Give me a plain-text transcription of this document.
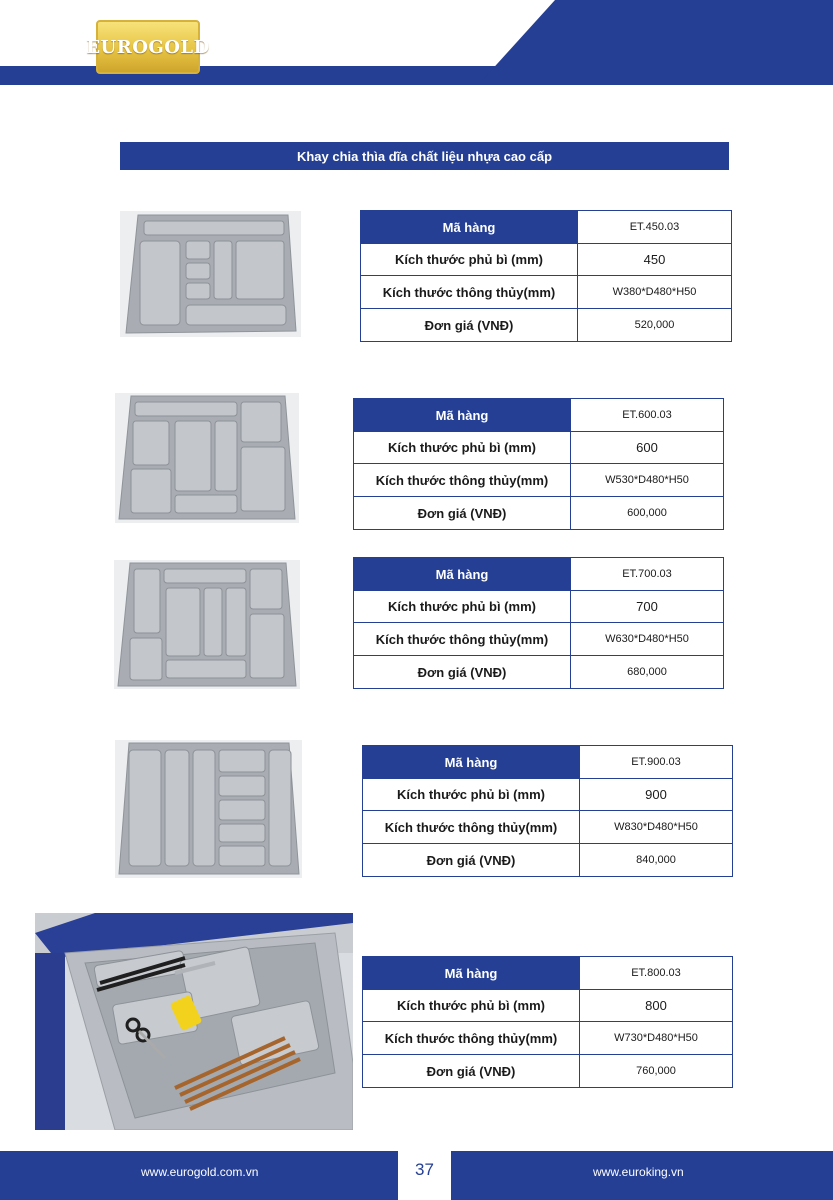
EUROGOLD
Khay chia thìa dĩa chất liệu nhựa cao cấp
Mã hàng	ET.450.03
Kích thước phủ bì (mm)	450
Kích thước thông thủy(mm)	W380*D480*H50
Đơn giá (VNĐ)	520,000
Mã hàng	ET.600.03
Kích thước phủ bì (mm)	600
Kích thước thông thủy(mm)	W530*D480*H50
Đơn giá (VNĐ)	600,000
Mã hàng	ET.700.03
Kích thước phủ bì (mm)	700
Kích thước thông thủy(mm)	W630*D480*H50
Đơn giá (VNĐ)	680,000
Mã hàng	ET.900.03
Kích thước phủ bì (mm)	900
Kích thước thông thủy(mm)	W830*D480*H50
Đơn giá (VNĐ)	840,000
Mã hàng	ET.800.03
Kích thước phủ bì (mm)	800
Kích thước thông thủy(mm)	W730*D480*H50
Đơn giá (VNĐ)	760,000
www.eurogold.com.vn	www.euroking.vn
37
